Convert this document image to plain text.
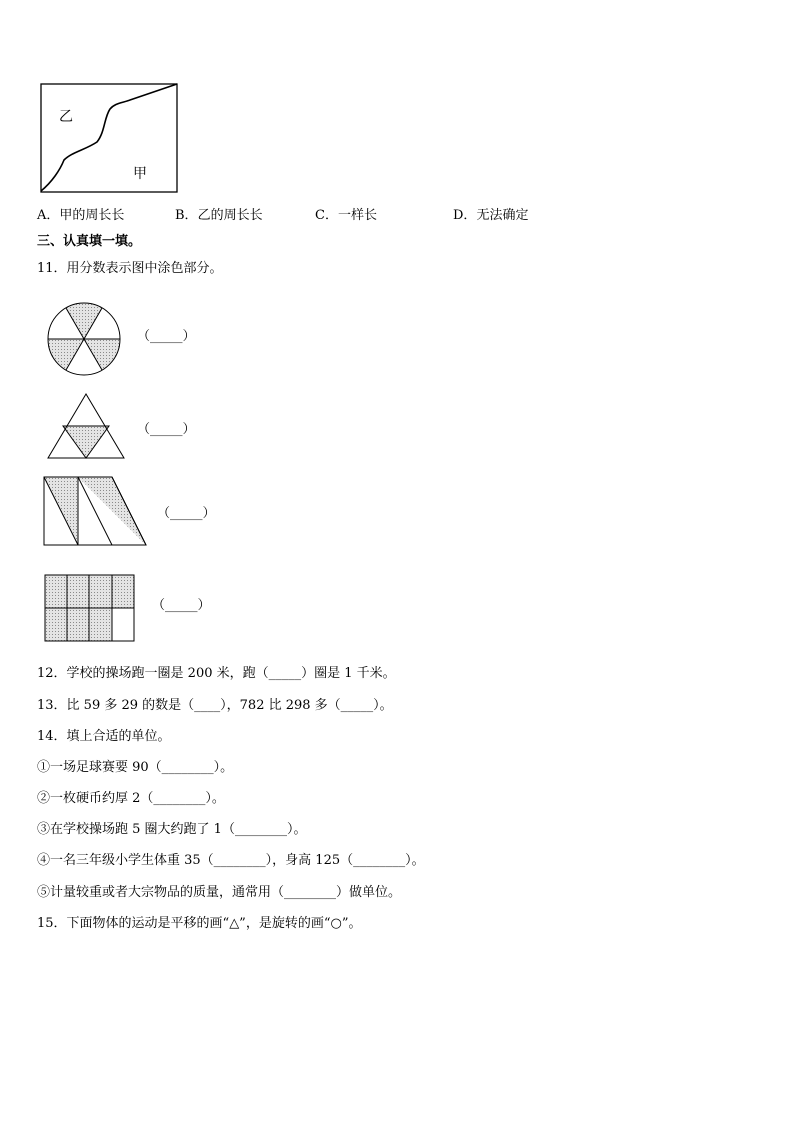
乙
甲
A．甲的周长长	B．乙的周长长	C．一样长	D．无法确定
三、认真填一填。
11．用分数表示图中涂色部分。
（_____）
（_____）
（_____）
（_____）
12．学校的操场跑一圈是 200 米，跑（_____）圈是 1 千米。
13．比 59 多 29 的数是（____），782 比 298 多（_____）。
14．填上合适的单位。
①一场足球赛要 90（________）。
②一枚硬币约厚 2（________）。
③在学校操场跑 5 圈大约跑了 1（________）。
④一名三年级小学生体重 35（________），身高 125（________）。
⑤计量较重或者大宗物品的质量，通常用（________）做单位。
15．下面物体的运动是平移的画“△”，是旋转的画“○”。
